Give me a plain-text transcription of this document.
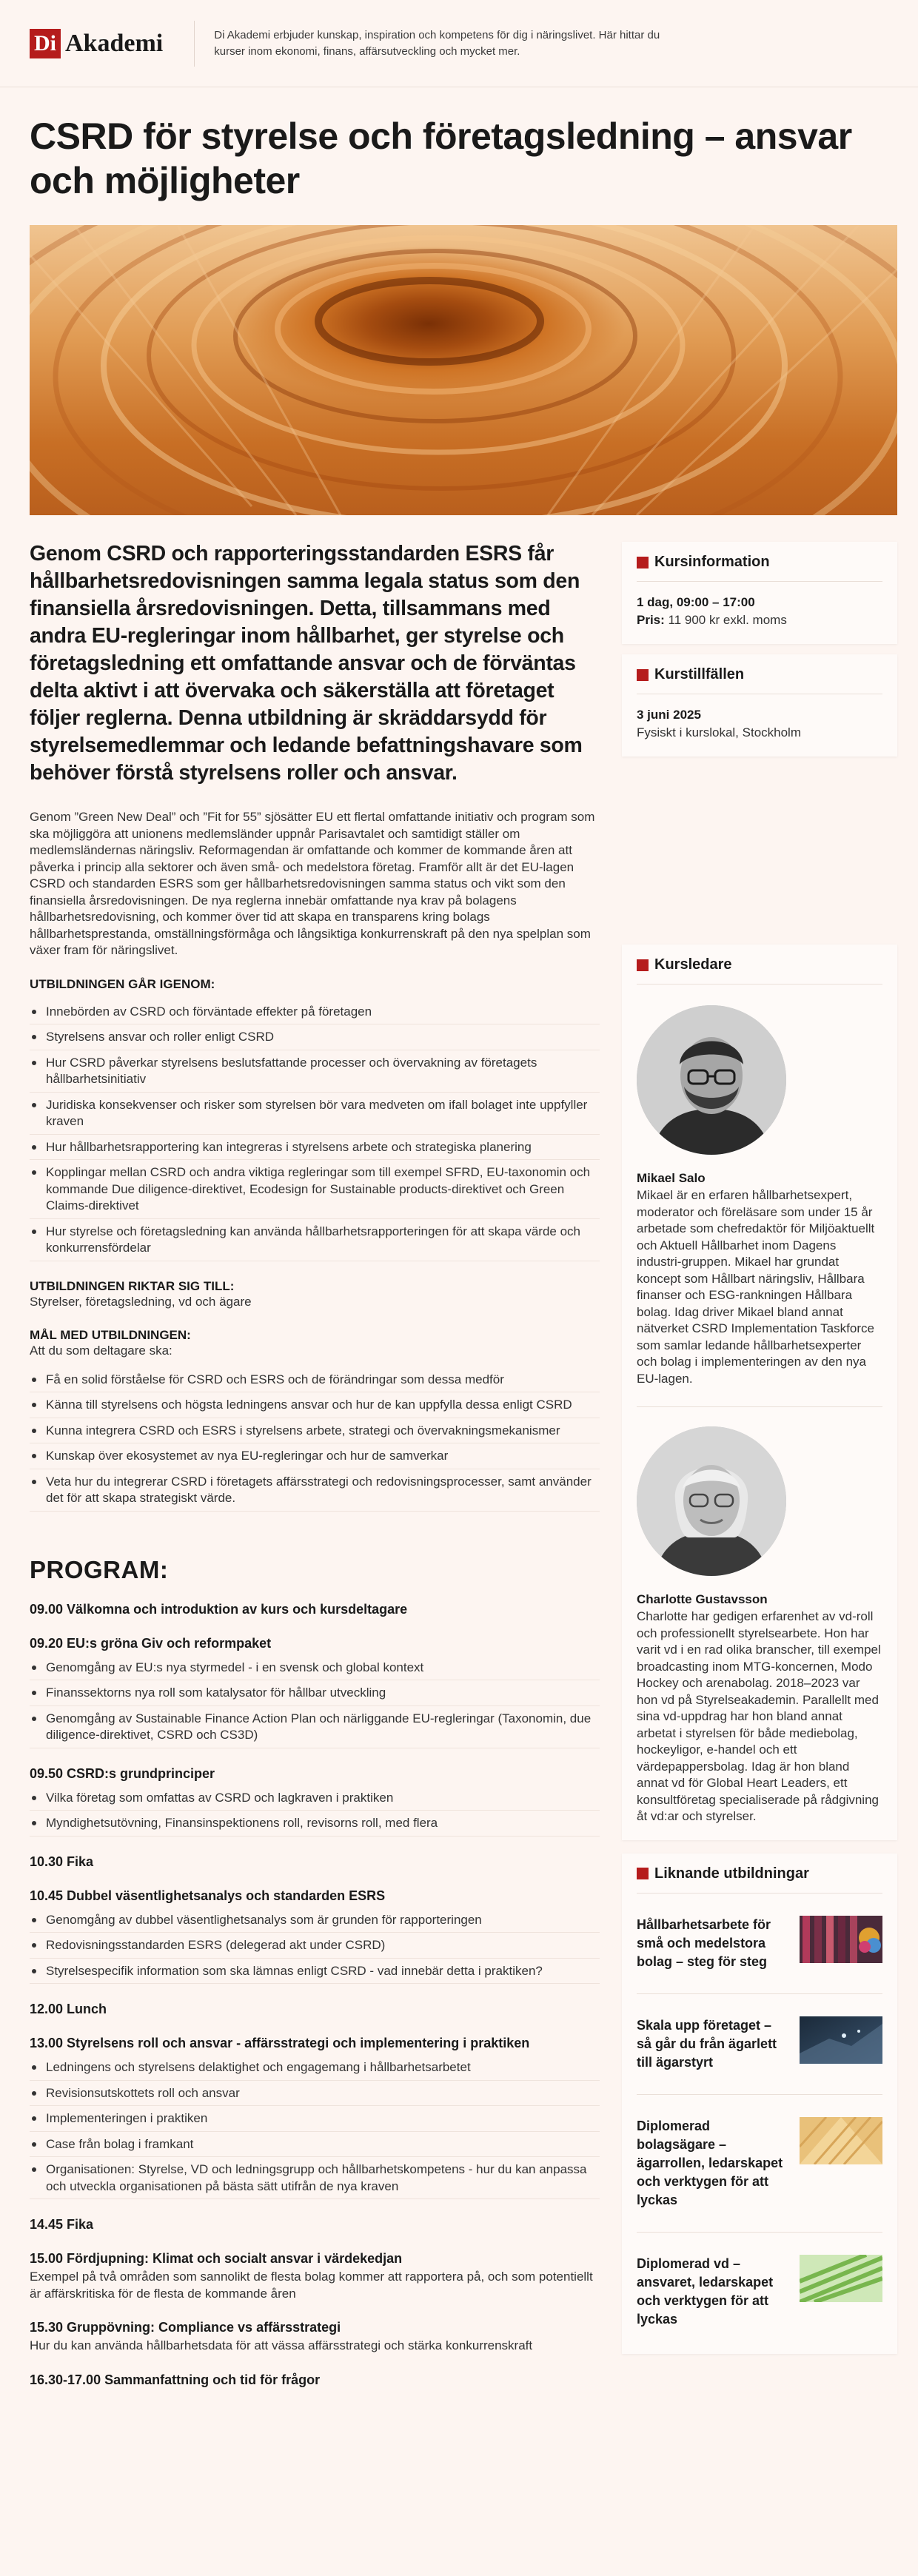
Di Akademi	Di Akademi erbjuder kunskap, inspiration och kompetens för dig i näringslivet. Här hittar du kurser inom ekonomi, finans, affärsutveckling och mycket mer.
CSRD för styrelse och företagsledning – ansvar och möjligheter

Genom CSRD och rapporteringsstandarden ESRS får hållbarhetsredovisningen samma legala status som den finansiella årsredovisningen. Detta, tillsammans med andra EU-regleringar inom hållbarhet, ger styrelse och företagsledning ett omfattande ansvar och de förväntas delta aktivt i att övervaka och säkerställa att företaget följer reglerna. Denna utbildning är skräddarsydd för styrelsemedlemmar och ledande befattningshavare som behöver förstå styrelsens roller och ansvar.

Genom ”Green New Deal” och ”Fit for 55” sjösätter EU ett flertal omfattande initiativ och program som ska möjliggöra att unionens medlemsländer uppnår Parisavtalet och samtidigt ställer om medlemsländernas näringsliv. Reformagendan är omfattande och kommer de kommande åren att påverka i princip alla sektorer och även små- och medelstora företag. Framför allt är det EU-lagen CSRD och standarden ESRS som ger hållbarhetsredovisningen samma status och vikt som den finansiella årsredovisningen. De nya reglerna innebär omfattande nya krav på bolagens hållbarhetsredovisning, och kommer över tid att skapa en transparens kring bolags hållbarhetsprestanda, omställningsförmåga och långsiktiga konkurrenskraft på den nya spelplan som växer fram för näringslivet.

UTBILDNINGEN GÅR IGENOM:
Innebörden av CSRD och förväntade effekter på företagen
Styrelsens ansvar och roller enligt CSRD
Hur CSRD påverkar styrelsens beslutsfattande processer och övervakning av företagets hållbarhetsinitiativ
Juridiska konsekvenser och risker som styrelsen bör vara medveten om ifall bolaget inte uppfyller kraven
Hur hållbarhetsrapportering kan integreras i styrelsens arbete och strategiska planering
Kopplingar mellan CSRD och andra viktiga regleringar som till exempel SFRD, EU-taxonomin och kommande Due diligence-direktivet, Ecodesign for Sustainable products-direktivet och Green Claims-direktivet
Hur styrelse och företagsledning kan använda hållbarhetsrapporteringen för att skapa värde och konkurrensfördelar
UTBILDNINGEN RIKTAR SIG TILL:
Styrelser, företagsledning, vd och ägare
MÅL MED UTBILDNINGEN:
Att du som deltagare ska:
Få en solid förståelse för CSRD och ESRS och de förändringar som dessa medför
Känna till styrelsens och högsta ledningens ansvar och hur de kan uppfylla dessa enligt CSRD
Kunna integrera CSRD och ESRS i styrelsens arbete, strategi och övervakningsmekanismer
Kunskap över ekosystemet av nya EU-regleringar och hur de samverkar
Veta hur du integrerar CSRD i företagets affärsstrategi och redovisningsprocesser, samt använder det för att skapa strategiskt värde.
PROGRAM:
09.00 Välkomna och introduktion av kurs och kursdeltagare
09.20 EU:s gröna Giv och reformpaket
Genomgång av EU:s nya styrmedel - i en svensk och global kontext
Finanssektorns nya roll som katalysator för hållbar utveckling
Genomgång av Sustainable Finance Action Plan och närliggande EU-regleringar (Taxonomin, due diligence-direktivet, CSRD och CS3D)
09.50 CSRD:s grundprinciper
Vilka företag som omfattas av CSRD och lagkraven i praktiken
Myndighetsutövning, Finansinspektionens roll, revisorns roll, med flera
10.30 Fika
10.45 Dubbel väsentlighetsanalys och standarden ESRS
Genomgång av dubbel väsentlighetsanalys som är grunden för rapporteringen
Redovisningsstandarden ESRS (delegerad akt under CSRD)
Styrelsespecifik information som ska lämnas enligt CSRD - vad innebär detta i praktiken?
12.00 Lunch
13.00 Styrelsens roll och ansvar - affärsstrategi och implementering i praktiken
Ledningens och styrelsens delaktighet och engagemang i hållbarhetsarbetet
Revisionsutskottets roll och ansvar
Implementeringen i praktiken
Case från bolag i framkant
Organisationen: Styrelse, VD och ledningsgrupp och hållbarhetskompetens - hur du kan anpassa och utveckla organisationen på bästa sätt utifrån de nya kraven
14.45 Fika
15.00 Fördjupning: Klimat och socialt ansvar i värdekedjan
Exempel på två områden som sannolikt de flesta bolag kommer att rapportera på, och som potentiellt är affärskritiska för de flesta de kommande åren
15.30 Gruppövning: Compliance vs affärsstrategi
Hur du kan använda hållbarhetsdata för att vässa affärsstrategi och stärka konkurrenskraft
16.30-17.00 Sammanfattning och tid för frågor
Kursinformation
1 dag, 09:00 – 17:00
Pris: 11 900 kr exkl. moms
Kurstillfällen
3 juni 2025
Fysiskt i kurslokal, Stockholm
Kursledare
Mikael Salo
Mikael är en erfaren hållbarhetsexpert, moderator och föreläsare som under 15 år arbetade som chefredaktör för Miljöaktuellt och Aktuell Hållbarhet inom Dagens industri-gruppen. Mikael har grundat koncept som Hållbart näringsliv, Hållbara finanser och ESG-rankningen Hållbara bolag. Idag driver Mikael bland annat nätverket CSRD Implementation Taskforce som samlar ledande hållbarhetsexperter och bolag i implementeringen av den nya EU-lagen.
Charlotte Gustavsson
Charlotte har gedigen erfarenhet av vd-roll och professionellt styrelsearbete. Hon har varit vd i en rad olika branscher, till exempel broadcasting inom MTG-koncernen, Modo Hockey och arenabolag. 2018–2023 var hon vd på Styrelseakademin. Parallellt med sina vd-uppdrag har hon bland annat arbetat i styrelsen för både mediebolag, hockeyligor, e-handel och ett värdepappersbolag. Idag är hon bland annat vd för Global Heart Leaders, ett konsultföretag specialiserade på rådgivning åt vd:ar och styrelser.
Liknande utbildningar
Hållbarhetsarbete för små och medelstora bolag – steg för steg
Skala upp företaget – så går du från ägarlett till ägarstyrt
Diplomerad bolagsägare – ägarrollen, ledarskapet och verktygen för att lyckas
Diplomerad vd – ansvaret, ledarskapet och verktygen för att lyckas
